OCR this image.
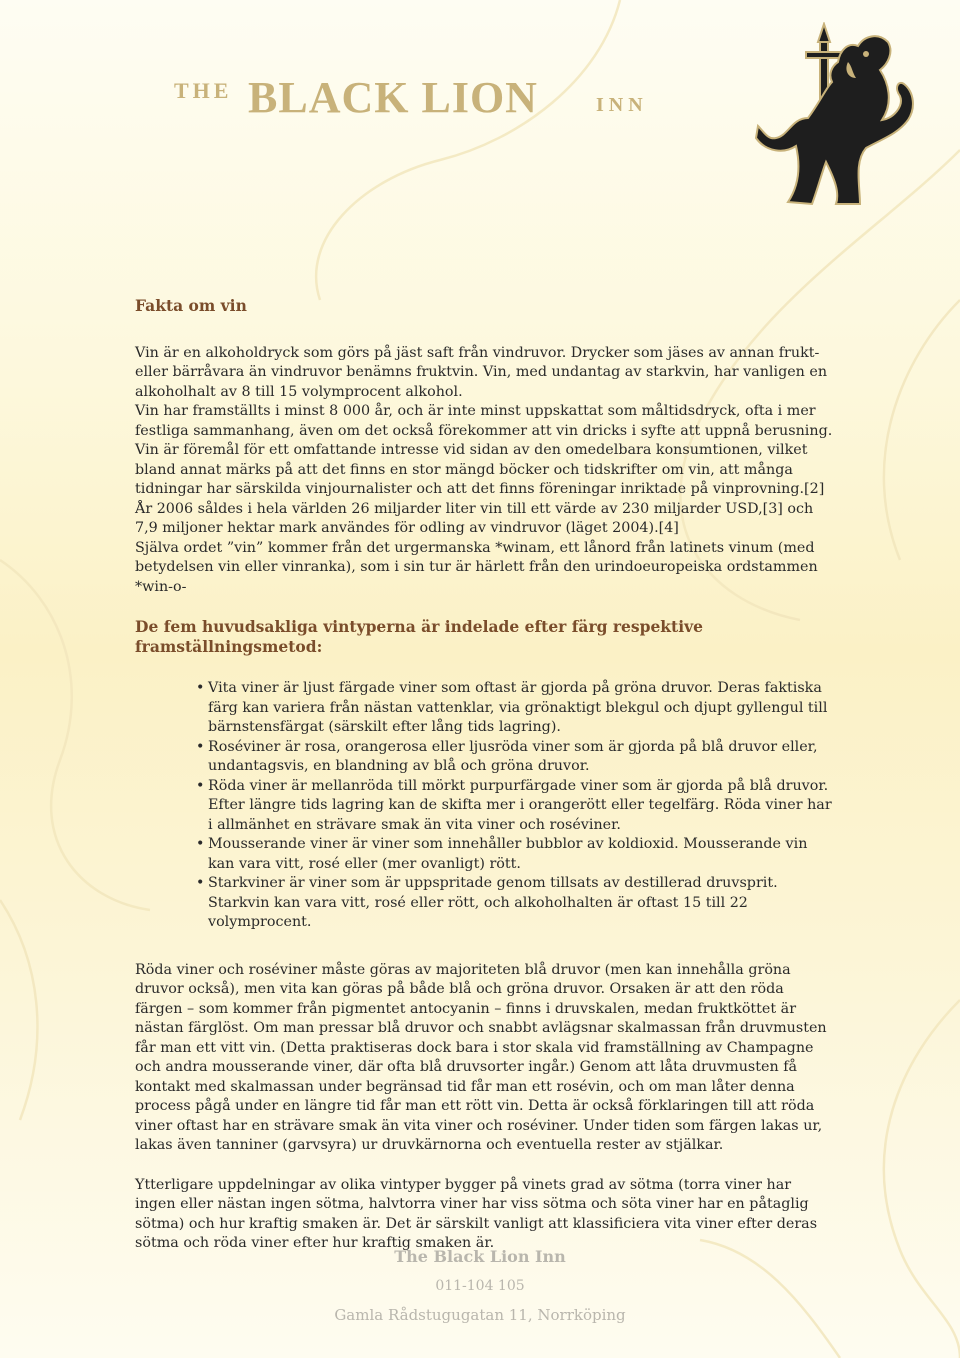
THE BLACK LION	INN
Fakta om vin

Vin är en alkoholdryck som görs på jäst saft från vindruvor. Drycker som jäses av annan frukt- eller bärråvara än vindruvor benämns fruktvin. Vin, med undantag av starkvin, har vanligen en alkoholhalt av 8 till 15 volymprocent alkohol.

Vin har framställts i minst 8 000 år, och är inte minst uppskattat som måltidsdryck, ofta i mer festliga sammanhang, även om det också förekommer att vin dricks i syfte att uppnå berusning.

Vin är föremål för ett omfattande intresse vid sidan av den omedelbara konsumtionen, vilket bland annat märks på att det finns en stor mängd böcker och tidskrifter om vin, att många tidningar har särskilda vinjournalister och att det finns föreningar inriktade på vinprovning.[2]

År 2006 såldes i hela världen 26 miljarder liter vin till ett värde av 230 miljarder USD,[3] och 7,9 miljoner hektar mark användes för odling av vindruvor (läget 2004).[4]

Själva ordet ”vin” kommer från det urgermanska *winam, ett lånord från latinets vinum (med betydelsen vin eller vinranka), som i sin tur är härlett från den urindoeuropeiska ordstammen *win-o-

De fem huvudsakliga vintyperna är indelade efter färg respektive framställningsmetod:
• Vita viner är ljust färgade viner som oftast är gjorda på gröna druvor. Deras faktiska färg kan variera från nästan vattenklar, via grönaktigt blekgul och djupt gyllengul till bärnstensfärgat (särskilt efter lång tids lagring).
• Roséviner är rosa, orangerosa eller ljusröda viner som är gjorda på blå druvor eller, undantagsvis, en blandning av blå och gröna druvor.
• Röda viner är mellanröda till mörkt purpurfärgade viner som är gjorda på blå druvor. Efter längre tids lagring kan de skifta mer i orangerött eller tegelfärg. Röda viner har i allmänhet en strävare smak än vita viner och roséviner.
• Mousserande viner är viner som innehåller bubblor av koldioxid. Mousserande vin kan vara vitt, rosé eller (mer ovanligt) rött.
• Starkviner är viner som är uppspritade genom tillsats av destillerad druvsprit. Starkvin kan vara vitt, rosé eller rött, och alkoholhalten är oftast 15 till 22 volymprocent.

Röda viner och roséviner måste göras av majoriteten blå druvor (men kan innehålla gröna druvor också), men vita kan göras på både blå och gröna druvor. Orsaken är att den röda färgen – som kommer från pigmentet antocyanin – finns i druvskalen, medan fruktköttet är nästan färglöst. Om man pressar blå druvor och snabbt avlägsnar skalmassan från druvmusten får man ett vitt vin. (Detta praktiseras dock bara i stor skala vid framställning av Champagne och andra mousserande viner, där ofta blå druvsorter ingår.) Genom att låta druvmusten få kontakt med skalmassan under begränsad tid får man ett rosévin, och om man låter denna process pågå under en längre tid får man ett rött vin. Detta är också förklaringen till att röda viner oftast har en strävare smak än vita viner och roséviner. Under tiden som färgen lakas ur, lakas även tanniner (garvsyra) ur druvkärnorna och eventuella rester av stjälkar.

Ytterligare uppdelningar av olika vintyper bygger på vinets grad av sötma (torra viner har ingen eller nästan ingen sötma, halvtorra viner har viss sötma och söta viner har en påtaglig sötma) och hur kraftig smaken är. Det är särskilt vanligt att klassificiera vita viner efter deras sötma och röda viner efter hur kraftig smaken är.

The Black Lion Inn
011-104 105
Gamla Rådstugugatan 11, Norrköping
